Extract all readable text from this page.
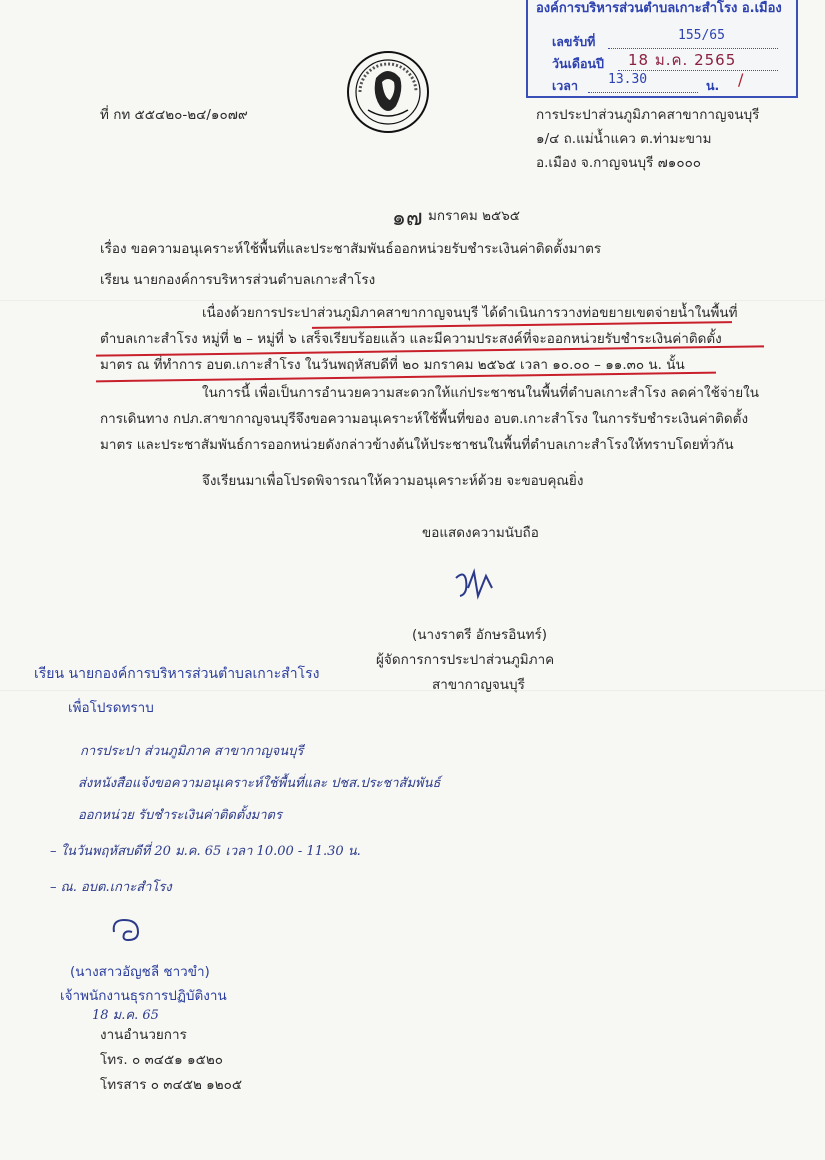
องค์การบริหารส่วนตำบลเกาะสำโรง อ.เมือง
เลขรับที่	155/65
วันเดือนปี 18 ม.ค. 2565
เวลา 13.30	น. /
ที่ กท ๕๕๔๒๐-๒๔/๑๐๗๙	การประปาส่วนภูมิภาคสาขากาญจนบุรี
๑/๔ ถ.แม่น้ำแคว ต.ท่ามะขาม
อ.เมือง จ.กาญจนบุรี ๗๑๐๐๐
๑๗ มกราคม ๒๕๖๕
เรื่อง ขอความอนุเคราะห์ใช้พื้นที่และประชาสัมพันธ์ออกหน่วยรับชำระเงินค่าติดตั้งมาตร
เรียน นายกองค์การบริหารส่วนตำบลเกาะสำโรง
เนื่องด้วยการประปาส่วนภูมิภาคสาขากาญจนบุรี ได้ดำเนินการวางท่อขยายเขตจ่ายน้ำในพื้นที่
ตำบลเกาะสำโรง หมู่ที่ ๒ – หมู่ที่ ๖ เสร็จเรียบร้อยแล้ว และมีความประสงค์ที่จะออกหน่วยรับชำระเงินค่าติดตั้ง
มาตร ณ ที่ทำการ อบต.เกาะสำโรง ในวันพฤหัสบดีที่ ๒๐ มกราคม ๒๕๖๕ เวลา ๑๐.๐๐ – ๑๑.๓๐ น. นั้น
ในการนี้ เพื่อเป็นการอำนวยความสะดวกให้แก่ประชาชนในพื้นที่ตำบลเกาะสำโรง ลดค่าใช้จ่ายใน
การเดินทาง กปภ.สาขากาญจนบุรีจึงขอความอนุเคราะห์ใช้พื้นที่ของ อบต.เกาะสำโรง ในการรับชำระเงินค่าติดตั้ง
มาตร และประชาสัมพันธ์การออกหน่วยดังกล่าวข้างต้นให้ประชาชนในพื้นที่ตำบลเกาะสำโรงให้ทราบโดยทั่วกัน
จึงเรียนมาเพื่อโปรดพิจารณาให้ความอนุเคราะห์ด้วย จะขอบคุณยิ่ง
ขอแสดงความนับถือ
(นางราตรี อักษรอินทร์)
ผู้จัดการการประปาส่วนภูมิภาค
สาขากาญจนบุรี
เรียน นายกองค์การบริหารส่วนตำบลเกาะสำโรง
เพื่อโปรดทราบ
การประปา ส่วนภูมิภาค สาขากาญจนบุรี
ส่งหนังสือแจ้งขอความอนุเคราะห์ใช้พื้นที่และ ปชส.ประชาสัมพันธ์
ออกหน่วย รับชำระเงินค่าติดตั้งมาตร
– ในวันพฤหัสบดีที่ 20 ม.ค. 65 เวลา 10.00 - 11.30 น.
– ณ. อบต.เกาะสำโรง
(นางสาวอัญชลี ชาวขำ)
เจ้าพนักงานธุรการปฏิบัติงาน
18 ม.ค. 65
งานอำนวยการ
โทร. ๐ ๓๔๕๑ ๑๕๒๐
โทรสาร ๐ ๓๔๕๒ ๑๒๐๕
